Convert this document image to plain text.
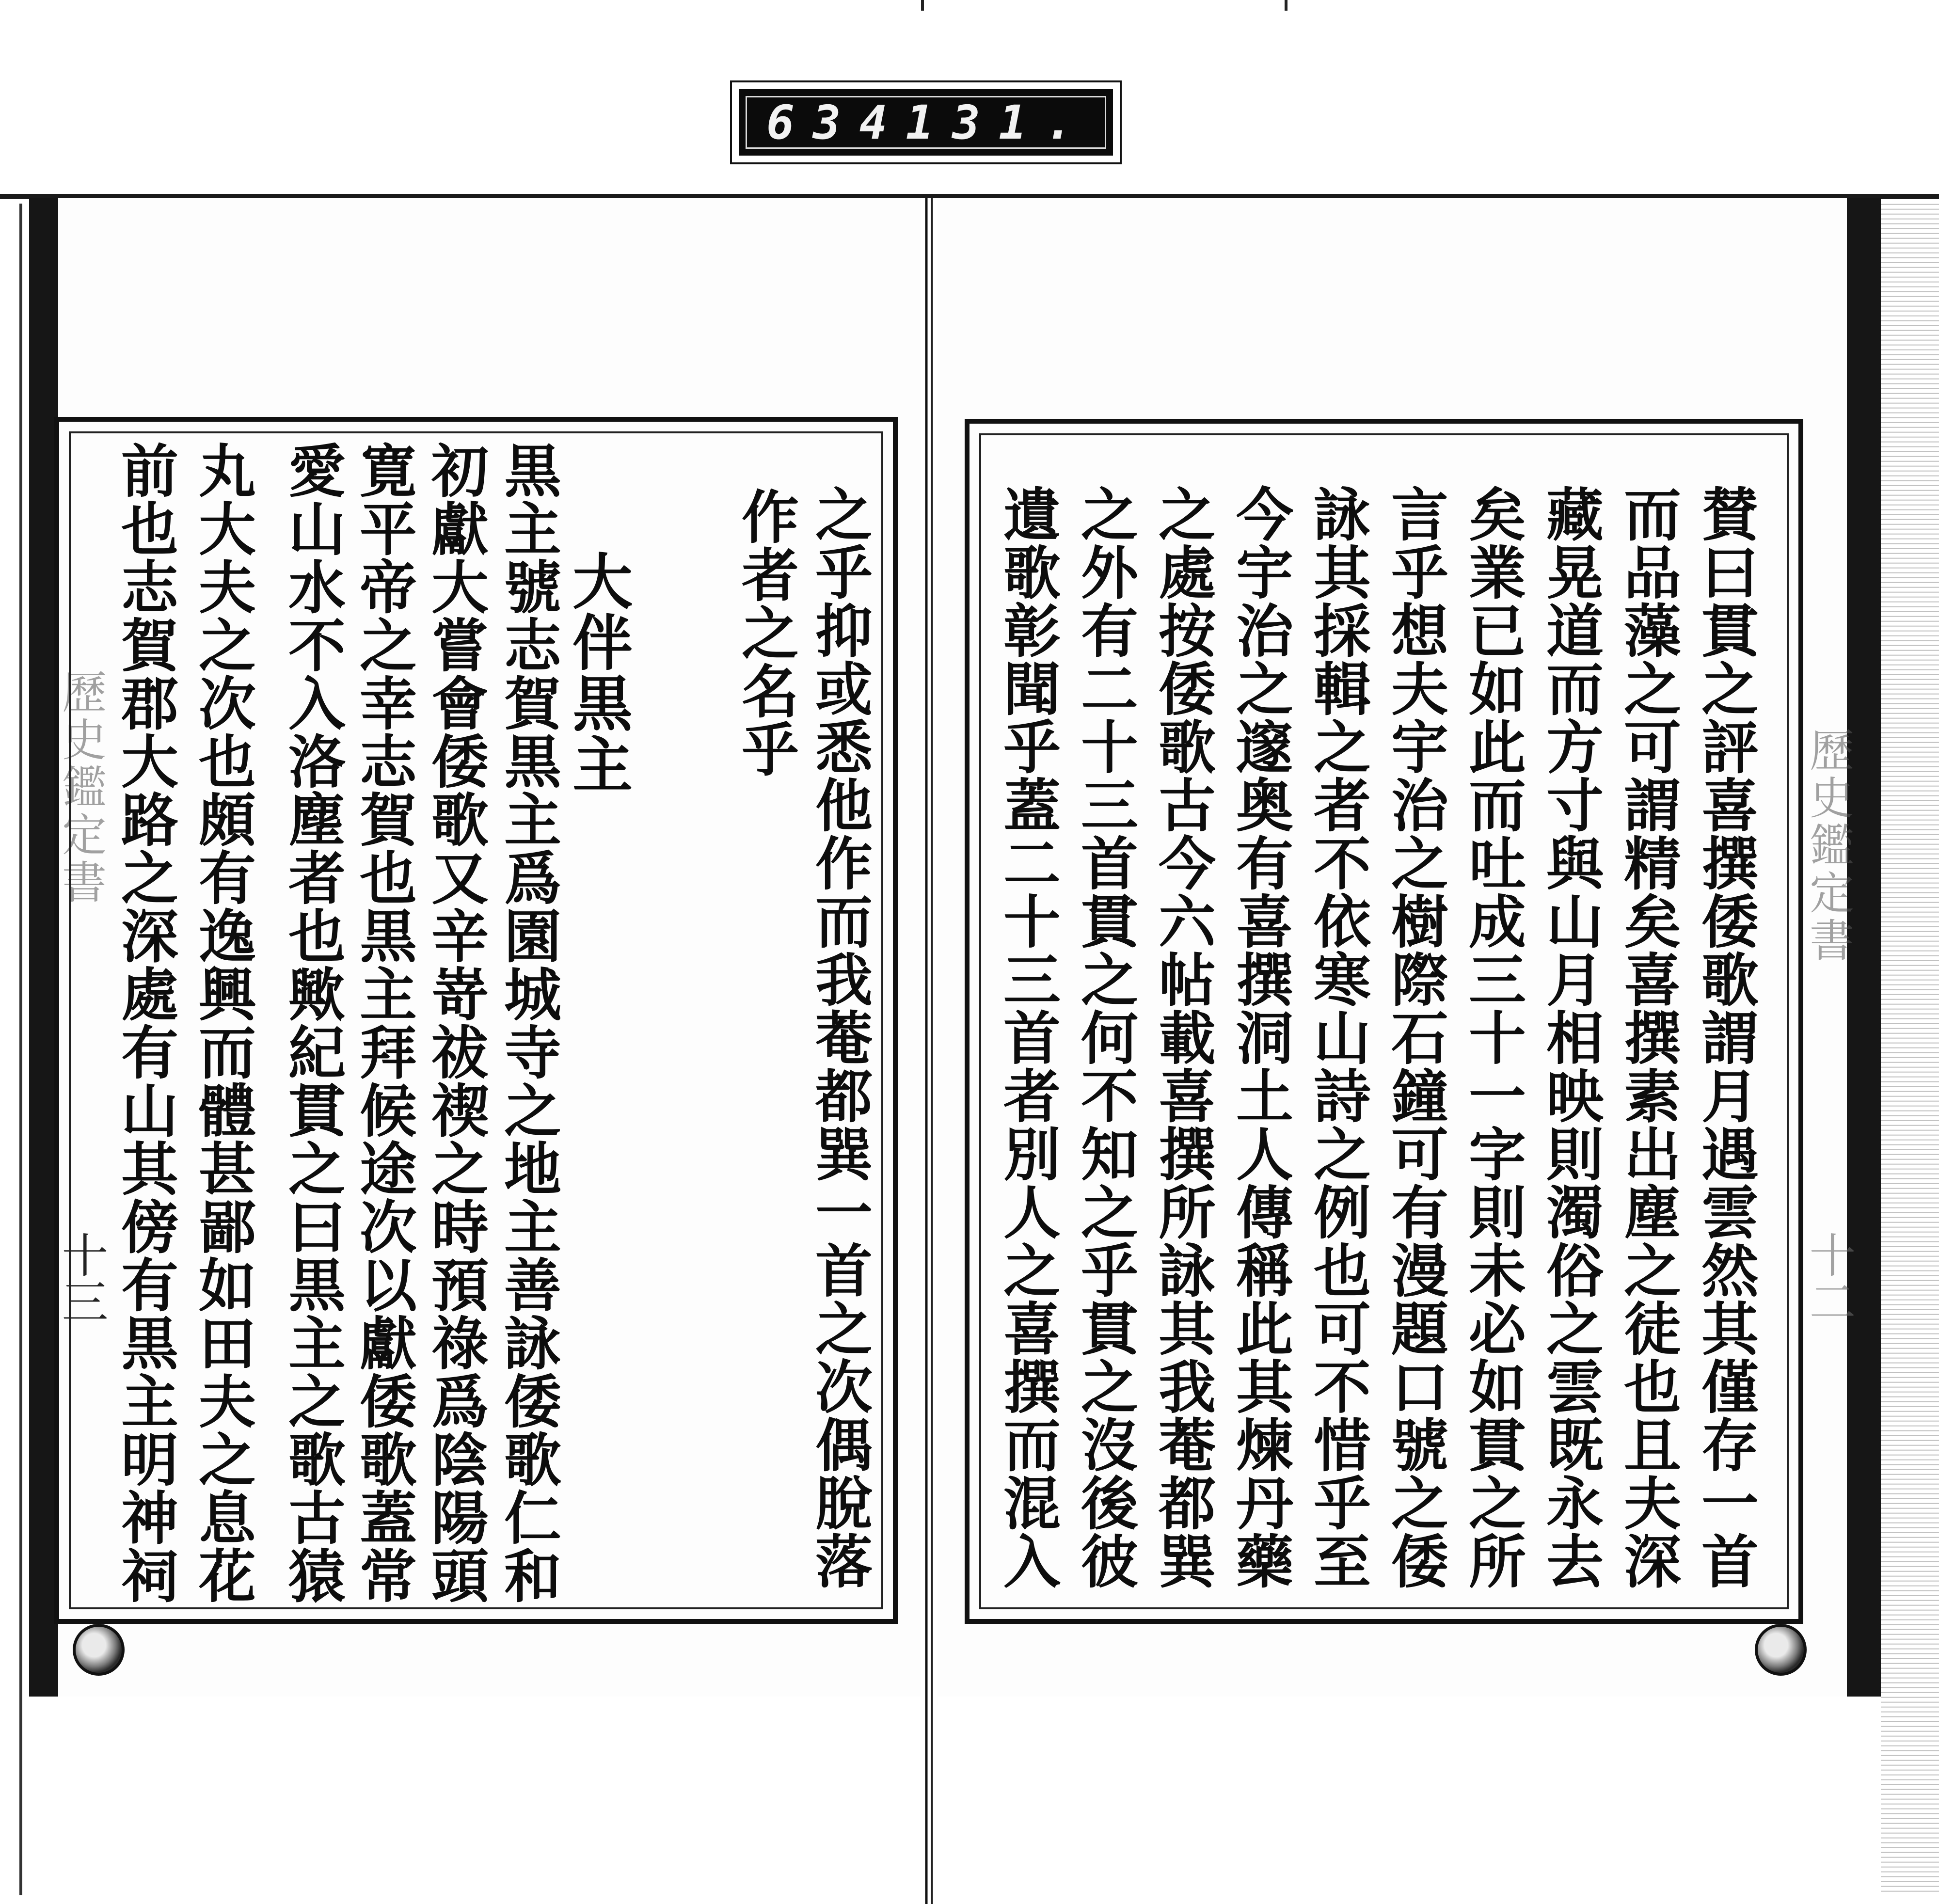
634 131.
歷史鑑定書
十三
歷史鑑定書
十二
之乎抑或悉他作而我菴都巽一首之次偶脫落
作者之名乎
大伴黒主
黒主號志賀黒主爲園城寺之地主善詠倭歌仁和
初獻大嘗會倭歌又辛嵜祓禊之時預祿爲陰陽頭
寛平帝之幸志賀也黒主拜候途次以獻倭歌蓋常
愛山水不入洛塵者也歟紀貫之曰黒主之歌古猿
丸大夫之次也頗有逸興而體甚鄙如田夫之息花
前也志賀郡大路之深處有山其傍有黒主明神祠	賛曰貫之評喜撰倭歌謂月遇雲然其僅存一首
而品藻之可謂精矣喜撰素出塵之徒也且夫深
藏晃道而方寸與山月相映則濁俗之雲既永去
矣業已如此而吐成三十一字則未必如貫之所
言乎想夫宇治之樹際石鐘可有漫題口號之倭
詠其採輯之者不依寒山詩之例也可不惜乎至
今宇治之邃奥有喜撰洞土人傳稱此其煉丹藥
之處按倭歌古今六帖載喜撰所詠其我菴都巽
之外有二十三首貫之何不知之乎貫之沒後彼
遺歌彰聞乎蓋二十三首者別人之喜撰而混入
